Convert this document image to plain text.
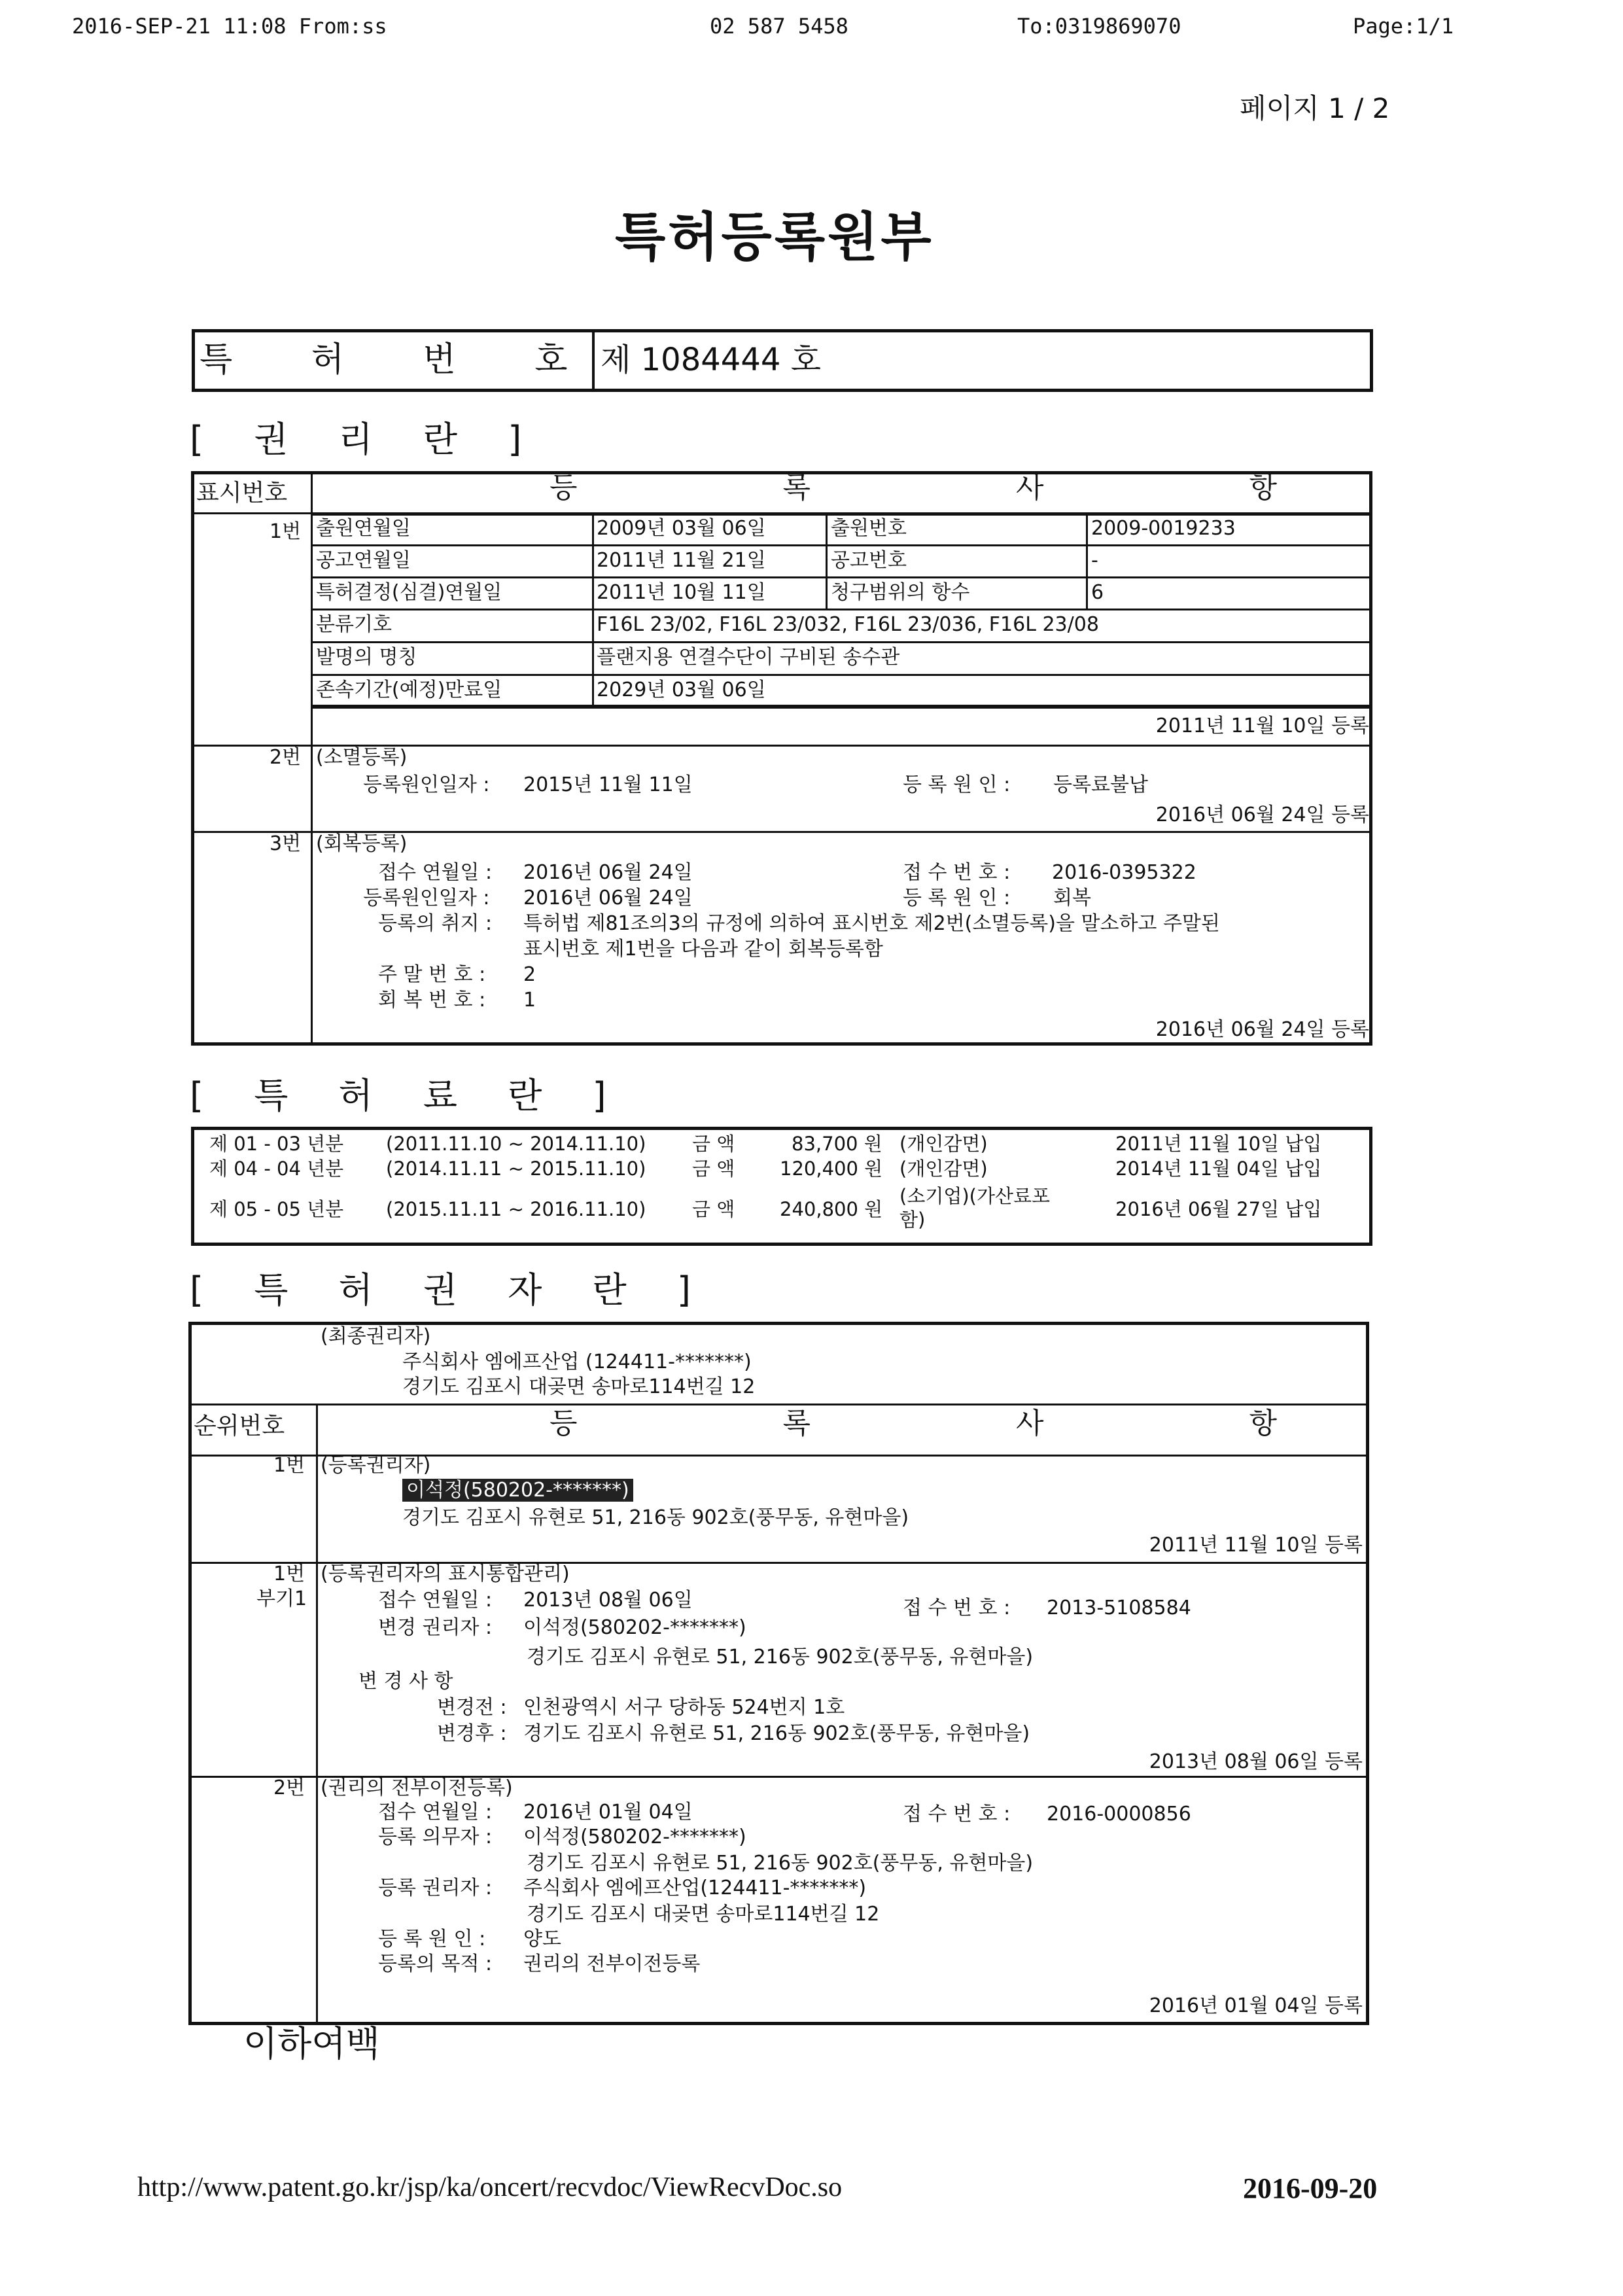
2016-SEP-21 11:08 From:ss	02 587 5458	To:0319869070	Page:1/1
페이지 1 / 2
특허등록원부
특 허 번 호
제 1084444 호
[ 권 리 란 ]
표시번호	등 록 사 항
1번 출원연월일	2009년 03월 06일	출원번호	2009-0019233
공고연월일	2011년 11월 21일	공고번호	-
특허결정(심결)연월일	2011년 10월 11일	청구범위의 항수	6
분류기호	F16L 23/02, F16L 23/032, F16L 23/036, F16L 23/08
발명의 명칭	플랜지용 연결수단이 구비된 송수관
존속기간(예정)만료일	2029년 03월 06일
2011년 11월 10일 등록
2번 (소멸등록)
등록원인일자 : 2015년 11월 11일	등 록 원 인 : 등록료불납
2016년 06월 24일 등록
3번 (회복등록)
접수 연월일 : 2016년 06월 24일	접 수 번 호 : 2016-0395322
등록원인일자 : 2016년 06월 24일	등 록 원 인 : 회복
등록의 취지 : 특허법 제81조의3의 규정에 의하여 표시번호 제2번(소멸등록)을 말소하고 주말된
표시번호 제1번을 다음과 같이 회복등록함
주 말 번 호 : 2
회 복 번 호 : 1
2016년 06월 24일 등록
[ 특 허 료 란 ]
제 01 - 03 년분 (2011.11.10 ~ 2014.11.10) 금 액	83,700 원 (개인감면)	2011년 11월 10일 납입
제 04 - 04 년분 (2014.11.11 ~ 2015.11.10) 금 액 120,400 원 (개인감면)	2014년 11월 04일 납입
제 05 - 05 년분 (2015.11.11 ~ 2016.11.10) 금 액 240,800 원
(소기업)(가산료포
함)	2016년 06월 27일 납입
[ 특 허 권 자 란 ]
(최종권리자)
주식회사 엠에프산업 (124411-*******)
경기도 김포시 대곶면 송마로114번길 12
순위번호	등 록 사 항
1번 (등록권리자)
이석정(580202-*******)
경기도 김포시 유현로 51, 216동 902호(풍무동, 유현마을)
2011년 11월 10일 등록
1번
부기1
(등록권리자의 표시통합관리)
접수 연월일 : 2013년 08월 06일	접 수 번 호 : 2013-5108584
변경 권리자 : 이석정(580202-*******)
경기도 김포시 유현로 51, 216동 902호(풍무동, 유현마을)
변 경 사 항
변경전 : 인천광역시 서구 당하동 524번지 1호
변경후 : 경기도 김포시 유현로 51, 216동 902호(풍무동, 유현마을)
2013년 08월 06일 등록
2번 (권리의 전부이전등록)
접수 연월일 : 2016년 01월 04일	접 수 번 호 : 2016-0000856
등록 의무자 : 이석정(580202-*******)
경기도 김포시 유현로 51, 216동 902호(풍무동, 유현마을)
등록 권리자 : 주식회사 엠에프산업(124411-*******)
경기도 김포시 대곶면 송마로114번길 12
등 록 원 인 : 양도
등록의 목적 : 권리의 전부이전등록
2016년 01월 04일 등록
이하여백
http://www.patent.go.kr/jsp/ka/oncert/recvdoc/ViewRecvDoc.so	2016-09-20
